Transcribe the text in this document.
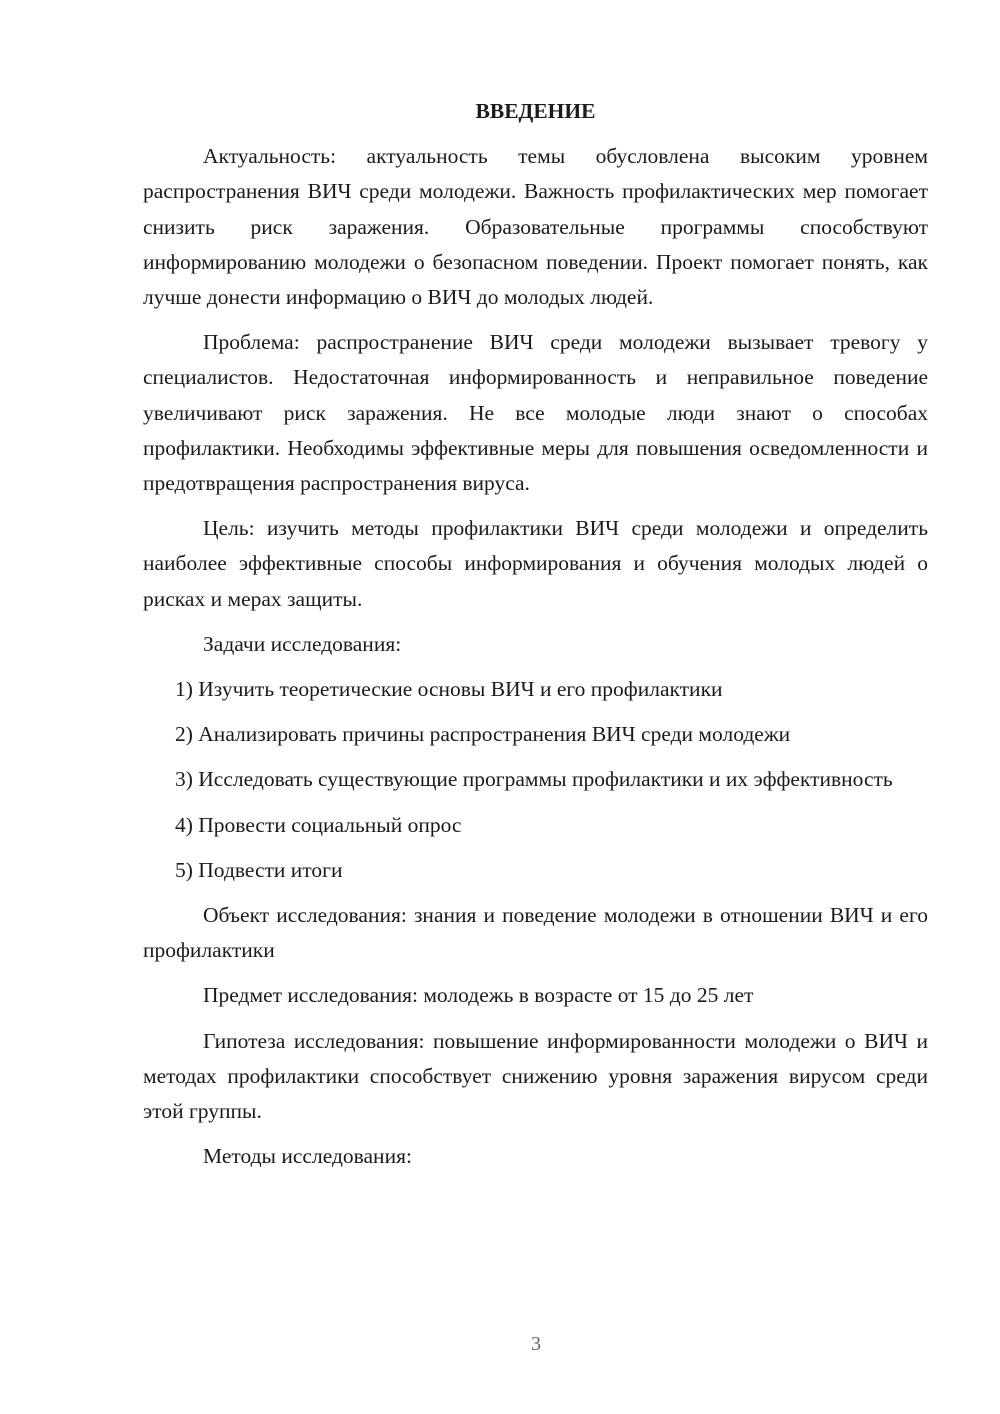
ВВЕДЕНИЕ

Актуальность: актуальность темы обусловлена высоким уровнем распространения ВИЧ среди молодежи. Важность профилактических мер помогает снизить риск заражения. Образовательные программы способствуют информированию молодежи о безопасном поведении. Проект помогает понять, как лучше донести информацию о ВИЧ до молодых людей.

Проблема: распространение ВИЧ среди молодежи вызывает тревогу у специалистов. Недостаточная информированность и неправильное поведение увеличивают риск заражения. Не все молодые люди знают о способах профилактики. Необходимы эффективные меры для повышения осведомленности и предотвращения распространения вируса.

Цель: изучить методы профилактики ВИЧ среди молодежи и определить наиболее эффективные способы информирования и обучения молодых людей о рисках и мерах защиты.

Задачи исследования:

1) Изучить теоретические основы ВИЧ и его профилактики

2) Анализировать причины распространения ВИЧ среди молодежи

3) Исследовать существующие программы профилактики и их эффективность

4) Провести социальный опрос

5) Подвести итоги

Объект исследования: знания и поведение молодежи в отношении ВИЧ и его профилактики

Предмет исследования: молодежь в возрасте от 15 до 25 лет

Гипотеза исследования: повышение информированности молодежи о ВИЧ и методах профилактики способствует снижению уровня заражения вирусом среди этой группы.

Методы исследования:

3
